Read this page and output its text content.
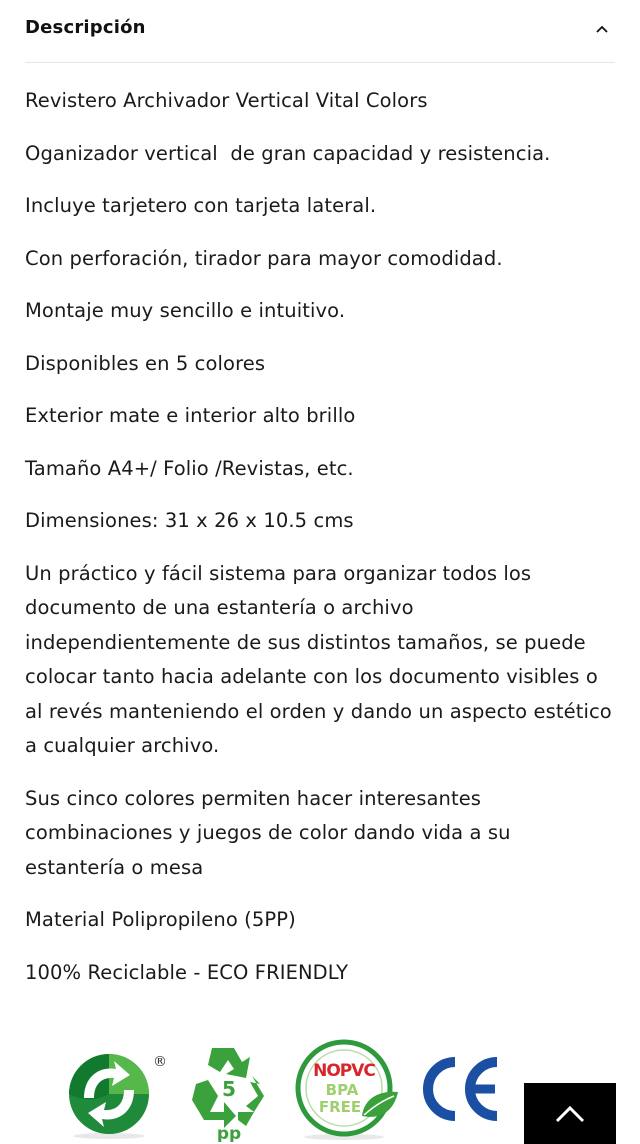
Descripción

Revistero Archivador Vertical Vital Colors

Oganizador vertical  de gran capacidad y resistencia.

Incluye tarjetero con tarjeta lateral.

Con perforación, tirador para mayor comodidad.

Montaje muy sencillo e intuitivo.

Disponibles en 5 colores

Exterior mate e interior alto brillo

Tamaño A4+/ Folio /Revistas, etc.

Dimensiones: 31 x 26 x 10.5 cms

Un práctico y fácil sistema para organizar todos los documento de una estantería o archivo independientemente de sus distintos tamaños, se puede colocar tanto hacia adelante con los documento visibles o al revés manteniendo el orden y dando un aspecto estético a cualquier archivo.

Sus cinco colores permiten hacer interesantes combinaciones y juegos de color dando vida a su estantería o mesa

Material Polipropileno (5PP)

100% Reciclable - ECO FRIENDLY

®
5
pp
NOPVC
BPA
FREE
CE
